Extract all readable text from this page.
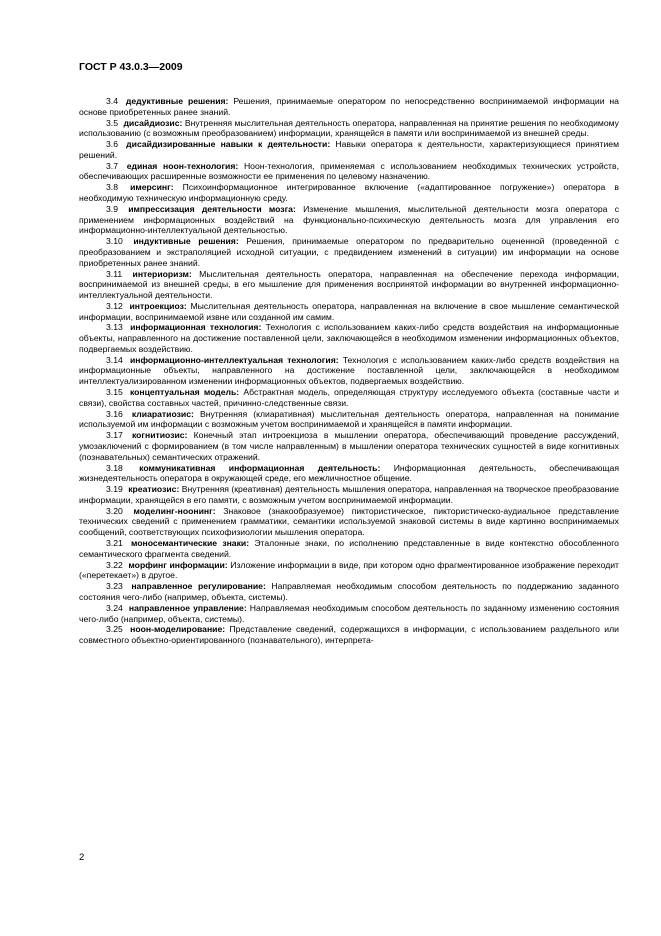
ГОСТ Р 43.0.3—2009

3.4 дедуктивные решения: Решения, принимаемые оператором по непосредственно воспринимаемой информации на основе приобретенных ранее знаний.

3.5 дисайдиозис: Внутренняя мыслительная деятельность оператора, направленная на принятие решения по необходимому использованию (с возможным преобразованием) информации, хранящейся в памяти или воспринимаемой из внешней среды.

3.6 дисайдизированные навыки к деятельности: Навыки оператора к деятельности, характеризующиеся принятием решений.

3.7 единая ноон-технология: Ноон-технология, применяемая с использованием необходимых технических устройств, обеспечивающих расширенные возможности ее применения по целевому назначению.

3.8 имерсинг: Психоинформационное интегрированное включение («адаптированное погружение») оператора в необходимую техническую информационную среду.

3.9 импрессизация деятельности мозга: Изменение мышления, мыслительной деятельности мозга оператора с применением информационных воздействий на функционально-психическую деятельность мозга для управления его информационно-интеллектуальной деятельностью.

3.10 индуктивные решения: Решения, принимаемые оператором по предварительно оцененной (проведенной с преобразованием и экстраполяцией исходной ситуации, с предвидением изменений в ситуации) им информации на основе приобретенных ранее знаний.

3.11 интериоризм: Мыслительная деятельность оператора, направленная на обеспечение перехода информации, воспринимаемой из внешней среды, в его мышление для применения воспринятой информации во внутренней информационно-интеллектуальной деятельности.

3.12 интроекциоз: Мыслительная деятельность оператора, направленная на включение в свое мышление семантической информации, воспринимаемой извне или созданной им самим.

3.13 информационная технология: Технология с использованием каких-либо средств воздействия на информационные объекты, направленного на достижение поставленной цели, заключающейся в необходимом изменении информационных объектов, подвергаемых воздействию.

3.14 информационно-интеллектуальная технология: Технология с использованием каких-либо средств воздействия на информационные объекты, направленного на достижение поставленной цели, заключающейся в необходимом интеллектуализированном изменении информационных объектов, подвергаемых воздействию.

3.15 концептуальная модель: Абстрактная модель, определяющая структуру исследуемого объекта (составные части и связи), свойства составных частей, причинно-следственные связи.

3.16 клиаратиозис: Внутренняя (клиаративная) мыслительная деятельность оператора, направленная на понимание используемой им информации с возможным учетом воспринимаемой и хранящейся в памяти информации.

3.17 когнитиозис: Конечный этап интроекциоза в мышлении оператора, обеспечивающий проведение рассуждений, умозаключений с формированием (в том числе направленным) в мышлении оператора технических сущностей в виде когнитивных (познавательных) семантических отражений.

3.18 коммуникативная информационная деятельность: Информационная деятельность, обеспечивающая жизнедеятельность оператора в окружающей среде, его межличностное общение.

3.19 креатиозис: Внутренняя (креативная) деятельность мышления оператора, направленная на творческое преобразование информации, хранящейся в его памяти, с возможным учетом воспринимаемой информации.

3.20 моделинг-ноонинг: Знаковое (знакообразуемое) пиктористическое, пиктористическо-аудиальное представление технических сведений с применением грамматики, семантики используемой знаковой системы в виде картинно воспринимаемых сообщений, соответствующих психофизиологии мышления оператора.

3.21 моносемантические знаки: Эталонные знаки, по исполнению представленные в виде контекстно обособленного семантического фрагмента сведений.

3.22 морфинг информации: Изложение информации в виде, при котором одно фрагментированное изображение переходит («перетекает») в другое.

3.23 направленное регулирование: Направляемая необходимым способом деятельность по поддержанию заданного состояния чего-либо (например, объекта, системы).

3.24 направленное управление: Направляемая необходимым способом деятельность по заданному изменению состояния чего-либо (например, объекта, системы).

3.25 ноон-моделирование: Представление сведений, содержащихся в информации, с использованием раздельного или совместного объектно-ориентированного (познавательного), интерпрета-

2
